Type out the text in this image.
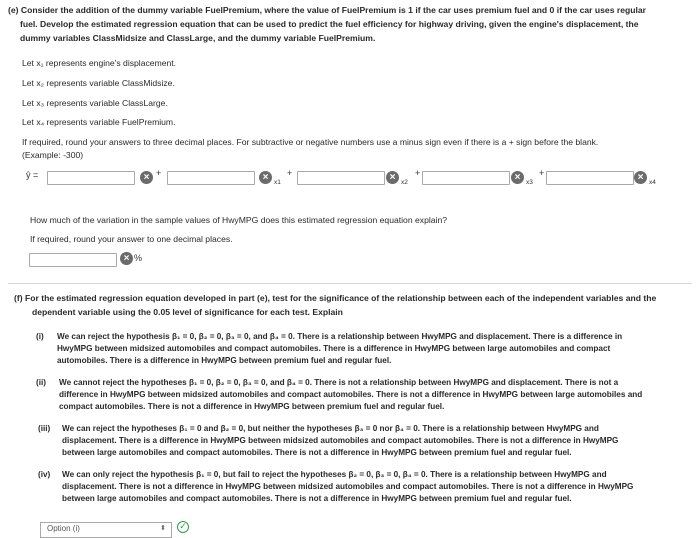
(e) Consider the addition of the dummy variable FuelPremium, where the value of FuelPremium is 1 if the car uses premium fuel and 0 if the car uses regular
fuel. Develop the estimated regression equation that can be used to predict the fuel efficiency for highway driving, given the engine's displacement, the
dummy variables ClassMidsize and ClassLarge, and the dummy variable FuelPremium.
Let x₁ represents engine's displacement.
Let x₂ represents variable ClassMidsize.
Let x₃ represents variable ClassLarge.
Let x₄ represents variable FuelPremium.
If required, round your answers to three decimal places. For subtractive or negative numbers use a minus sign even if there is a + sign before the blank.
(Example: -300)
ŷ =	× +	× $_{x1}$
+	× $_{x2}$
+	× $_{x3}$
+	× $_{x4}$
How much of the variation in the sample values of HwyMPG does this estimated regression equation explain?
If required, round your answer to one decimal places.
× %
(f) For the estimated regression equation developed in part (e), test for the significance of the relationship between each of the independent variables and the
dependent variable using the 0.05 level of significance for each test. Explain
(i) We can reject the hypothesis β₁ = 0, β₂ = 0, β₃ = 0, and β₄ = 0. There is a relationship between HwyMPG and displacement. There is a difference in
HwyMPG between midsized automobiles and compact automobiles. There is a difference in HwyMPG between large automobiles and compact
automobiles. There is a difference in HwyMPG between premium fuel and regular fuel.
(ii) We cannot reject the hypotheses β₁ = 0, β₂ = 0, β₃ = 0, and β₄ = 0. There is not a relationship between HwyMPG and displacement. There is not a
difference in HwyMPG between midsized automobiles and compact automobiles. There is not a difference in HwyMPG between large automobiles and
compact automobiles. There is not a difference in HwyMPG between premium fuel and regular fuel.
(iii) We can reject the hypotheses β₁ = 0 and β₂ = 0, but neither the hypotheses β₃ = 0 nor β₄ = 0. There is a relationship between HwyMPG and
displacement. There is a difference in HwyMPG between midsized automobiles and compact automobiles. There is not a difference in HwyMPG
between large automobiles and compact automobiles. There is not a difference in HwyMPG between premium fuel and regular fuel.
(iv) We can only reject the hypothesis β₁ = 0, but fail to reject the hypotheses β₂ = 0, β₃ = 0, β₄ = 0. There is a relationship between HwyMPG and
displacement. There is not a difference in HwyMPG between midsized automobiles and compact automobiles. There is not a difference in HwyMPG
between large automobiles and compact automobiles. There is not a difference in HwyMPG between premium fuel and regular fuel.
Option (i)	⬍ ✓
